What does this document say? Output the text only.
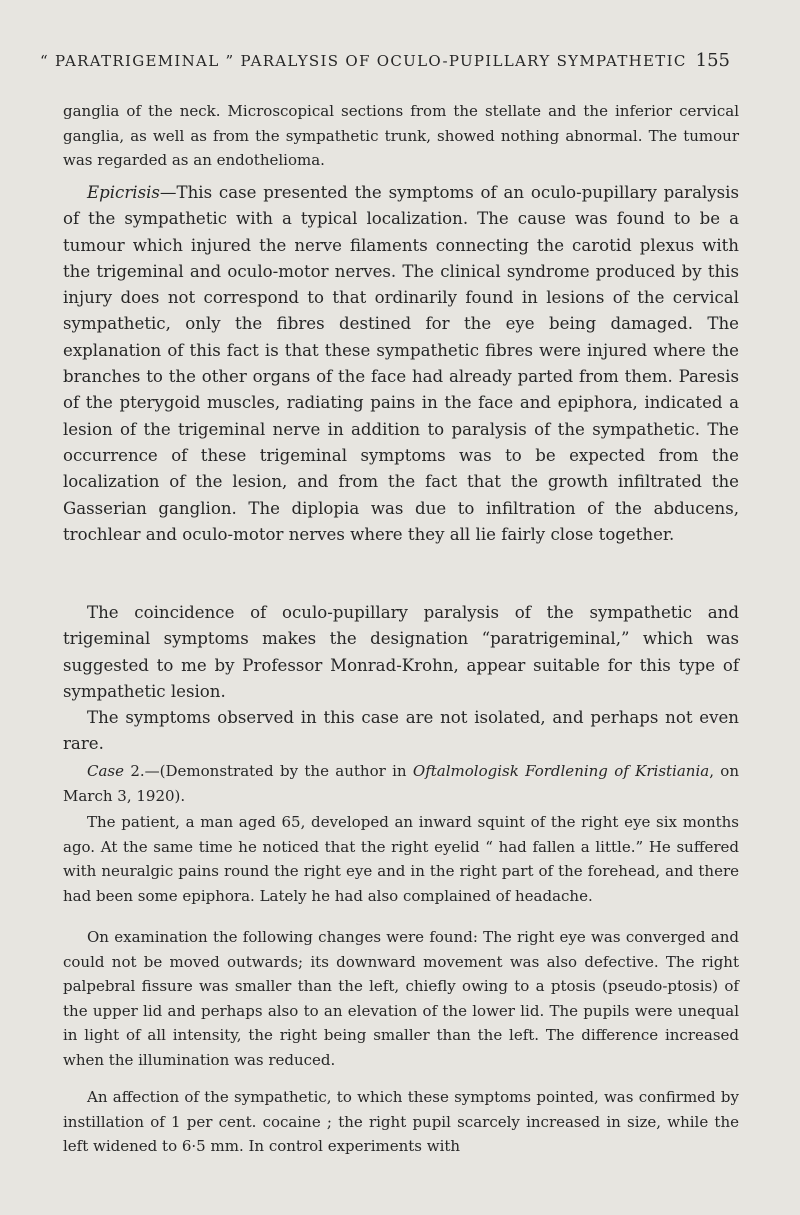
“ PARATRIGEMINAL ” PARALYSIS OF OCULO-PUPILLARY SYMPATHETIC 155

ganglia of the neck. Microscopical sections from the stellate and the inferior cervical ganglia, as well as from the sympathetic trunk, showed nothing abnormal. The tumour was regarded as an endothelioma.

Epicrisis—This case presented the symptoms of an oculo-pupillary paralysis of the sympathetic with a typical localization. The cause was found to be a tumour which injured the nerve filaments connecting the carotid plexus with the trigeminal and oculo-motor nerves. The clinical syndrome produced by this injury does not correspond to that ordinarily found in lesions of the cervical sympathetic, only the fibres destined for the eye being damaged. The explanation of this fact is that these sympathetic fibres were injured where the branches to the other organs of the face had already parted from them. Paresis of the pterygoid muscles, radiating pains in the face and epiphora, indicated a lesion of the trigeminal nerve in addition to paralysis of the sympathetic. The occurrence of these trigeminal symptoms was to be expected from the localization of the lesion, and from the fact that the growth infiltrated the Gasserian ganglion. The diplopia was due to infiltration of the abducens, trochlear and oculo-motor nerves where they all lie fairly close together.

The coincidence of oculo-pupillary paralysis of the sympathetic and trigeminal symptoms makes the designation “paratrigeminal,” which was suggested to me by Professor Monrad-Krohn, appear suitable for this type of sympathetic lesion.

The symptoms observed in this case are not isolated, and perhaps not even rare.

Case 2.—(Demonstrated by the author in Oftalmologisk Fordlening of Kristiania, on March 3, 1920).

The patient, a man aged 65, developed an inward squint of the right eye six months ago. At the same time he noticed that the right eyelid “ had fallen a little.” He suffered with neuralgic pains round the right eye and in the right part of the forehead, and there had been some epiphora. Lately he had also complained of headache.

On examination the following changes were found: The right eye was converged and could not be moved outwards; its downward movement was also defective. The right palpebral fissure was smaller than the left, chiefly owing to a ptosis (pseudo-ptosis) of the upper lid and perhaps also to an elevation of the lower lid. The pupils were unequal in light of all intensity, the right being smaller than the left. The difference increased when the illumination was reduced.

An affection of the sympathetic, to which these symptoms pointed, was confirmed by instillation of 1 per cent. cocaine ; the right pupil scarcely increased in size, while the left widened to 6·5 mm. In control experiments with
